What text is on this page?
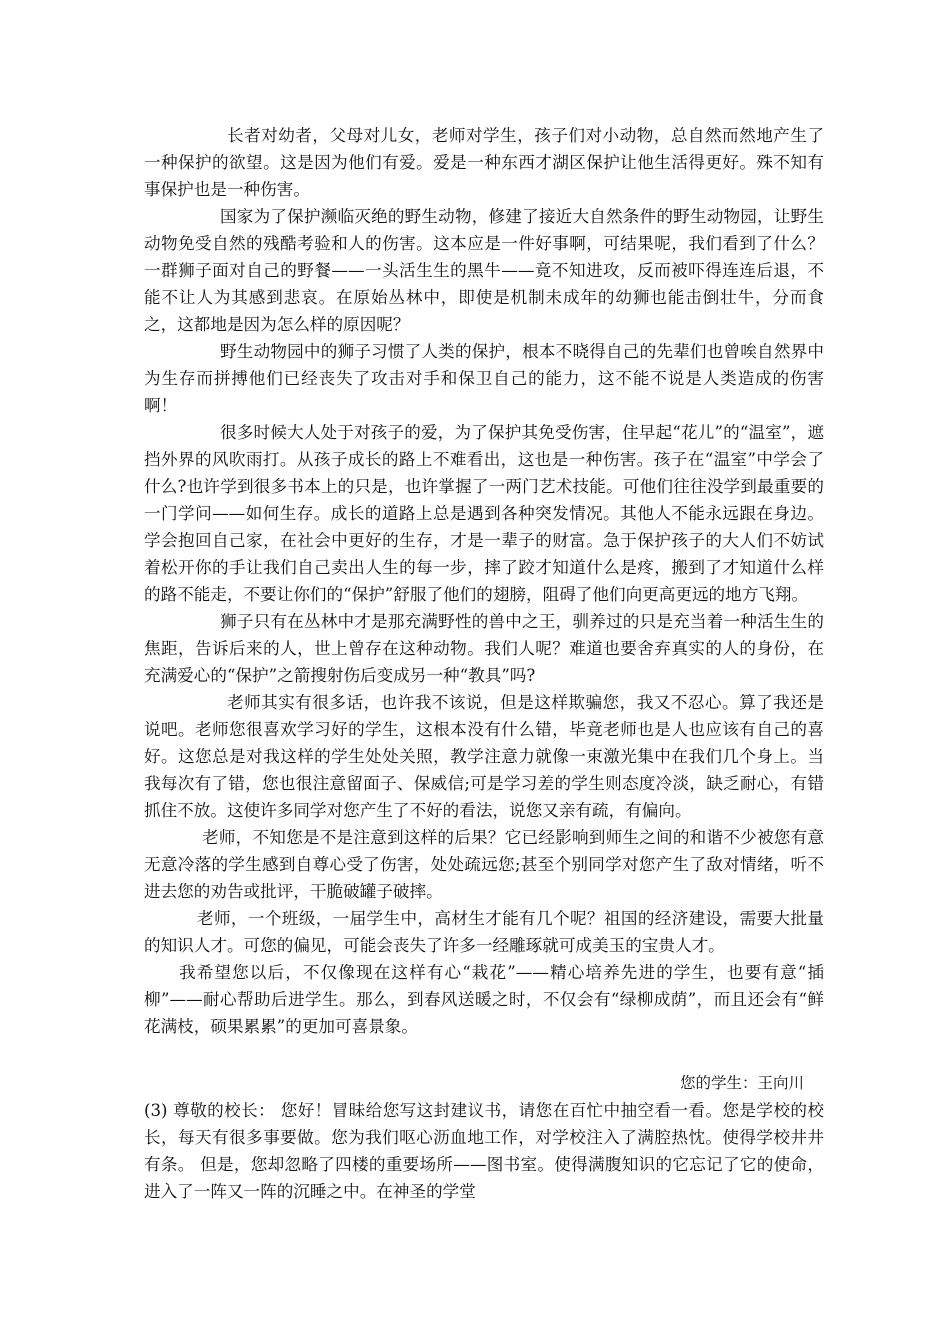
长者对幼者，父母对儿女，老师对学生，孩子们对小动物，总自然而然地产生了一种保护的欲望。这是因为他们有爱。爱是一种东西才湖区保护让他生活得更好。殊不知有事保护也是一种伤害。

国家为了保护濒临灭绝的野生动物，修建了接近大自然条件的野生动物园，让野生动物免受自然的残酷考验和人的伤害。这本应是一件好事啊，可结果呢，我们看到了什么？一群狮子面对自己的野餐——一头活生生的黑牛——竟不知进攻，反而被吓得连连后退，不能不让人为其感到悲哀。在原始丛林中，即使是机制未成年的幼狮也能击倒壮牛，分而食之，这都地是因为怎么样的原因呢？

野生动物园中的狮子习惯了人类的保护，根本不晓得自己的先辈们也曾唉自然界中为生存而拼搏他们已经丧失了攻击对手和保卫自己的能力，这不能不说是人类造成的伤害啊！

很多时候大人处于对孩子的爱，为了保护其免受伤害，住早起“花儿”的“温室”，遮挡外界的风吹雨打。从孩子成长的路上不难看出，这也是一种伤害。孩子在“温室”中学会了什么?也许学到很多书本上的只是，也许掌握了一两门艺术技能。可他们往往没学到最重要的一门学问——如何生存。成长的道路上总是遇到各种突发情况。其他人不能永远跟在身边。学会抱回自己家，在社会中更好的生存，才是一辈子的财富。急于保护孩子的大人们不妨试着松开你的手让我们自己卖出人生的每一步，摔了跤才知道什么是疼，搬到了才知道什么样的路不能走，不要让你们的“保护”舒服了他们的翅膀，阻碍了他们向更高更远的地方飞翔。

狮子只有在丛林中才是那充满野性的兽中之王，驯养过的只是充当着一种活生生的焦距，告诉后来的人，世上曾存在这种动物。我们人呢？难道也要舍弃真实的人的身份，在充满爱心的“保护”之箭搜射伤后变成另一种“教具”吗?

老师其实有很多话，也许我不该说，但是这样欺骗您，我又不忍心。算了我还是说吧。老师您很喜欢学习好的学生，这根本没有什么错，毕竟老师也是人也应该有自己的喜好。这您总是对我这样的学生处处关照，教学注意力就像一束激光集中在我们几个身上。当我每次有了错，您也很注意留面子、保威信;可是学习差的学生则态度冷淡，缺乏耐心，有错抓住不放。这使许多同学对您产生了不好的看法，说您又亲有疏，有偏向。

老师，不知您是不是注意到这样的后果？它已经影响到师生之间的和谐不少被您有意无意冷落的学生感到自尊心受了伤害，处处疏远您;甚至个别同学对您产生了敌对情绪，听不进去您的劝告或批评，干脆破罐子破摔。

老师，一个班级，一届学生中，高材生才能有几个呢？祖国的经济建设，需要大批量的知识人才。可您的偏见，可能会丧失了许多一经雕琢就可成美玉的宝贵人才。

我希望您以后，不仅像现在这样有心“栽花”——精心培养先进的学生，也要有意“插柳”——耐心帮助后进学生。那么，到春风送暖之时，不仅会有“绿柳成荫”，而且还会有“鲜花满枝，硕果累累”的更加可喜景象。

您的学生：王向川

(3) 尊敬的校长： 您好！冒昧给您写这封建议书，请您在百忙中抽空看一看。您是学校的校长，每天有很多事要做。您为我们呕心沥血地工作，对学校注入了满腔热忱。使得学校井井有条。 但是，您却忽略了四楼的重要场所——图书室。使得满腹知识的它忘记了它的使命，进入了一阵又一阵的沉睡之中。在神圣的学堂
